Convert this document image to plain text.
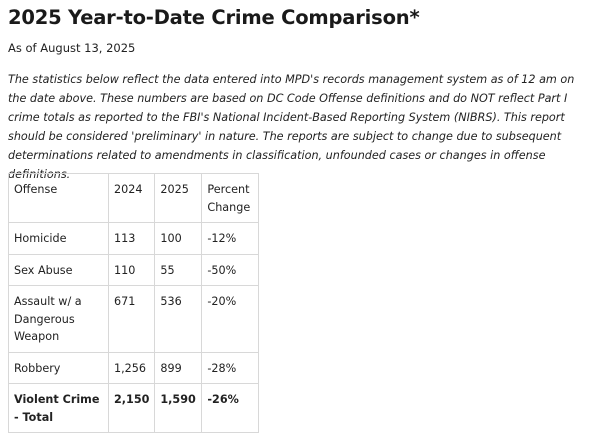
2025 Year-to-Date Crime Comparison*
As of August 13, 2025

The statistics below reflect the data entered into MPD's records management system as of 12 am on the date above. These numbers are based on DC Code Offense definitions and do NOT reflect Part I crime totals as reported to the FBI's National Incident-Based Reporting System (NIBRS). This report should be considered 'preliminary' in nature. The reports are subject to change due to subsequent determinations related to amendments in classification, unfounded cases or changes in offense definitions.

Offense	2024	2025	Percent Change
Homicide	113	100	-12%
Sex Abuse	110	55	-50%
Assault w/ a Dangerous Weapon	671	536	-20%
Robbery	1,256	899	-28%
Violent Crime - Total	2,150	1,590	-26%
